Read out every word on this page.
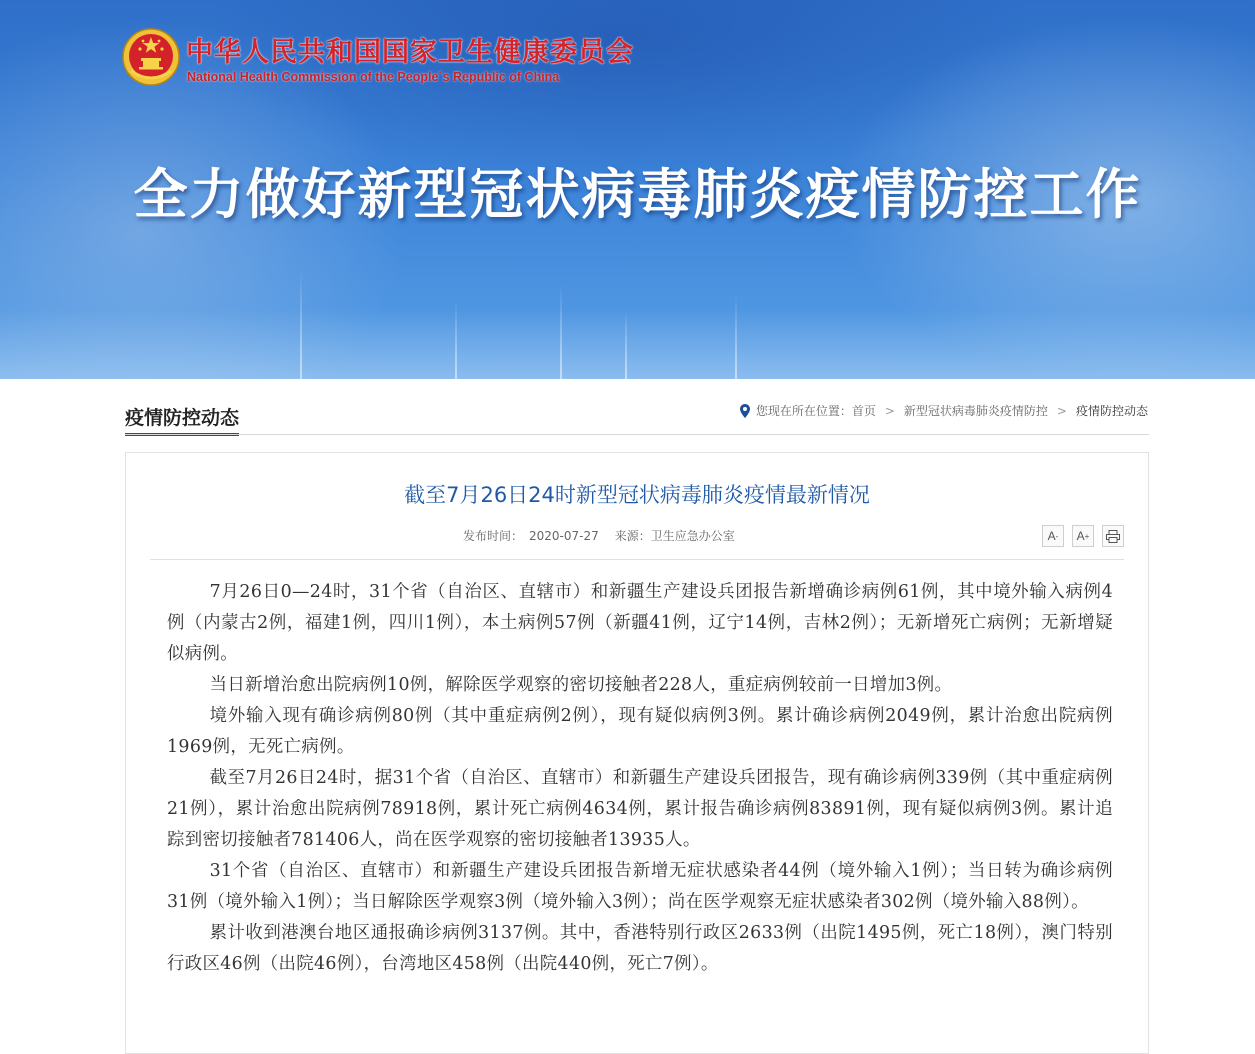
中华人民共和国国家卫生健康委员会
National Health Commission of the People´s Republic of China
全力做好新型冠状病毒肺炎疫情防控工作
疫情防控动态	您现在所在位置： 首页 > 新型冠状病毒肺炎疫情防控 > 疫情防控动态
截至7月26日24时新型冠状病毒肺炎疫情最新情况
发布时间： 2020-07-27 来源：卫生应急办公室	A - A +

7月26日0—24时，31个省（自治区、直辖市）和新疆生产建设兵团报告新增确诊病例61例，其中境外输入病例4例（内蒙古2例，福建1例，四川1例），本土病例57例（新疆41例，辽宁14例，吉林2例）；无新增死亡病例；无新增疑似病例。

当日新增治愈出院病例10例，解除医学观察的密切接触者228人，重症病例较前一日增加3例。

境外输入现有确诊病例80例（其中重症病例2例），现有疑似病例3例。累计确诊病例2049例，累计治愈出院病例1969例，无死亡病例。

截至7月26日24时，据31个省（自治区、直辖市）和新疆生产建设兵团报告，现有确诊病例339例（其中重症病例21例），累计治愈出院病例78918例，累计死亡病例4634例，累计报告确诊病例83891例，现有疑似病例3例。累计追踪到密切接触者781406人，尚在医学观察的密切接触者13935人。

31个省（自治区、直辖市）和新疆生产建设兵团报告新增无症状感染者44例（境外输入1例）；当日转为确诊病例31例（境外输入1例）；当日解除医学观察3例（境外输入3例）；尚在医学观察无症状感染者302例（境外输入88例）。

累计收到港澳台地区通报确诊病例3137例。其中，香港特别行政区2633例（出院1495例，死亡18例），澳门特别行政区46例（出院46例），台湾地区458例（出院440例，死亡7例）。
